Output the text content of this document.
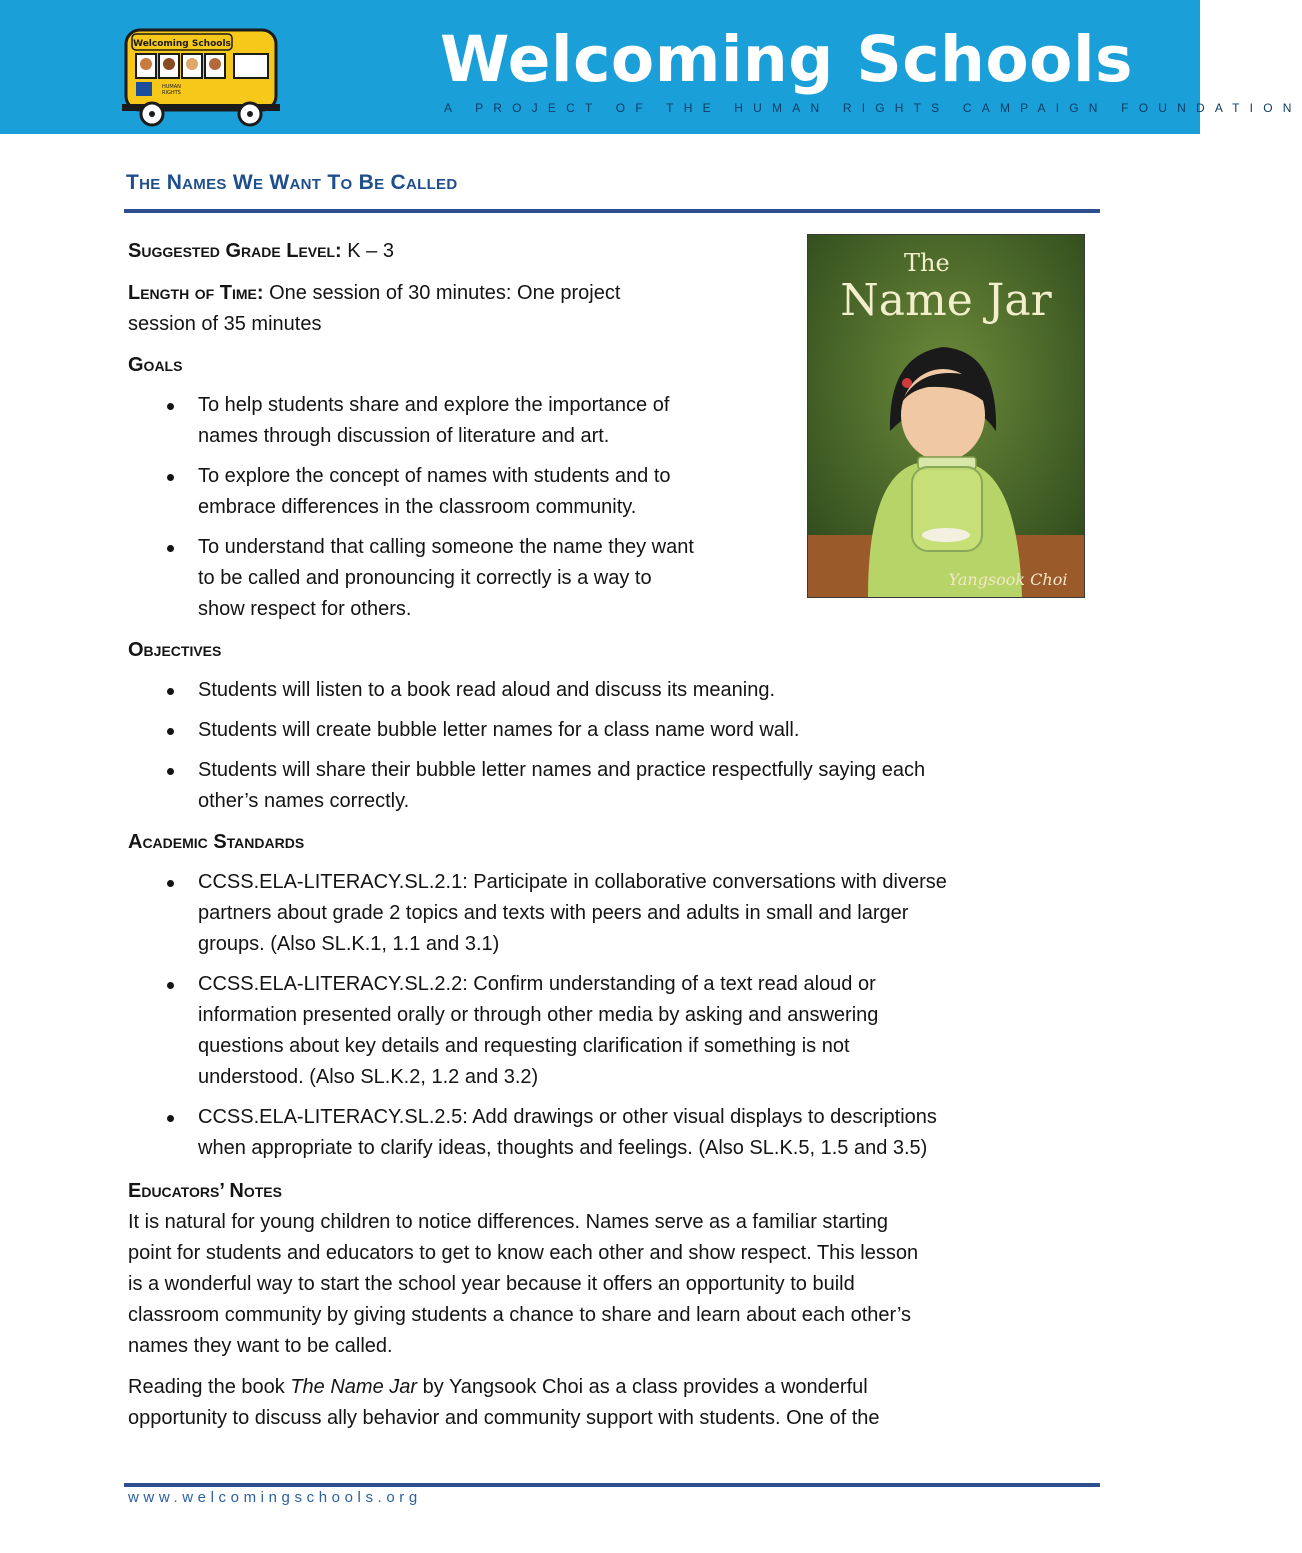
Welcoming Schools
HUMAN
RIGHTS	Welcoming Schools
A PROJECT OF THE HUMAN RIGHTS CAMPAIGN FOUNDATION
The Names We Want To Be Called
The
Name Jar
Yangsook Choi
Suggested Grade Level: K – 3
Length of Time: One session of 30 minutes: One project
session of 35 minutes
Goals
To help students share and explore the importance of
names through discussion of literature and art.
To explore the concept of names with students and to
embrace differences in the classroom community.
To understand that calling someone the name they want
to be called and pronouncing it correctly is a way to
show respect for others.
Objectives
Students will listen to a book read aloud and discuss its meaning.
Students will create bubble letter names for a class name word wall.
Students will share their bubble letter names and practice respectfully saying each
other’s names correctly.
Academic Standards
CCSS.ELA-LITERACY.SL.2.1: Participate in collaborative conversations with diverse
partners about grade 2 topics and texts with peers and adults in small and larger
groups. (Also SL.K.1, 1.1 and 3.1)
CCSS.ELA-LITERACY.SL.2.2: Confirm understanding of a text read aloud or
information presented orally or through other media by asking and answering
questions about key details and requesting clarification if something is not
understood. (Also SL.K.2, 1.2 and 3.2)
CCSS.ELA-LITERACY.SL.2.5: Add drawings or other visual displays to descriptions
when appropriate to clarify ideas, thoughts and feelings. (Also SL.K.5, 1.5 and 3.5)
Educators’ Notes
It is natural for young children to notice differences. Names serve as a familiar starting
point for students and educators to get to know each other and show respect. This lesson
is a wonderful way to start the school year because it offers an opportunity to build
classroom community by giving students a chance to share and learn about each other’s
names they want to be called.
Reading the book The Name Jar by Yangsook Choi as a class provides a wonderful
opportunity to discuss ally behavior and community support with students. One of the
www.welcomingschools.org
